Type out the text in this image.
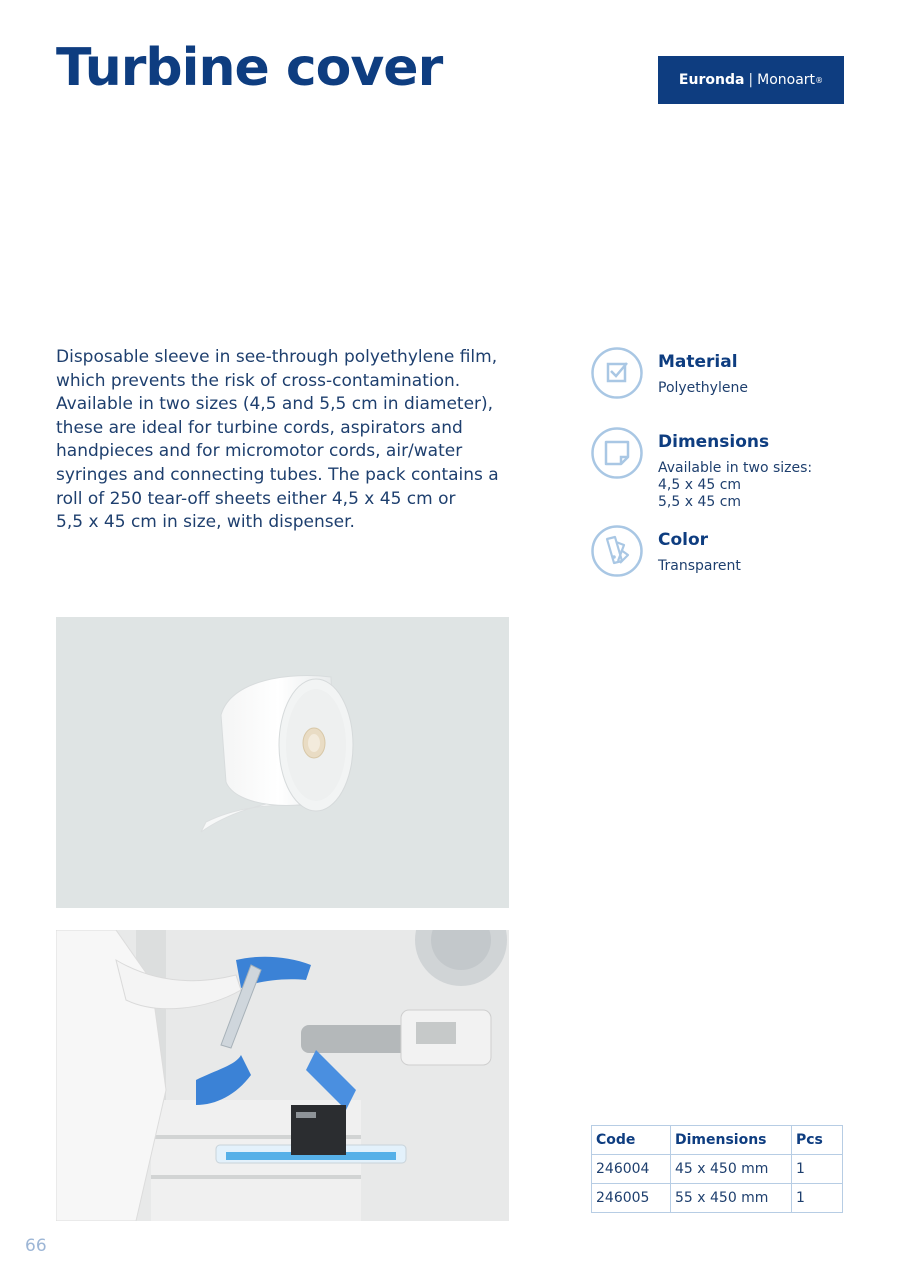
Turbine cover	Euronda | Monoart ®

Disposable sleeve in see-through polyethylene film,
which prevents the risk of cross-contamination.
Available in two sizes (4,5 and 5,5 cm in diameter),
these are ideal for turbine cords, aspirators and
handpieces and for micromotor cords, air/water
syringes and connecting tubes. The pack contains a
roll of 250 tear-off sheets either 4,5 x 45 cm or
5,5 x 45 cm in size, with dispenser.

Material
Polyethylene
Dimensions
Available in two sizes:
4,5 x 45 cm
5,5 x 45 cm
Color
Transparent
Code	Dimensions	Pcs
246004	45 x 450 mm	1
246005	55 x 450 mm	1
66
